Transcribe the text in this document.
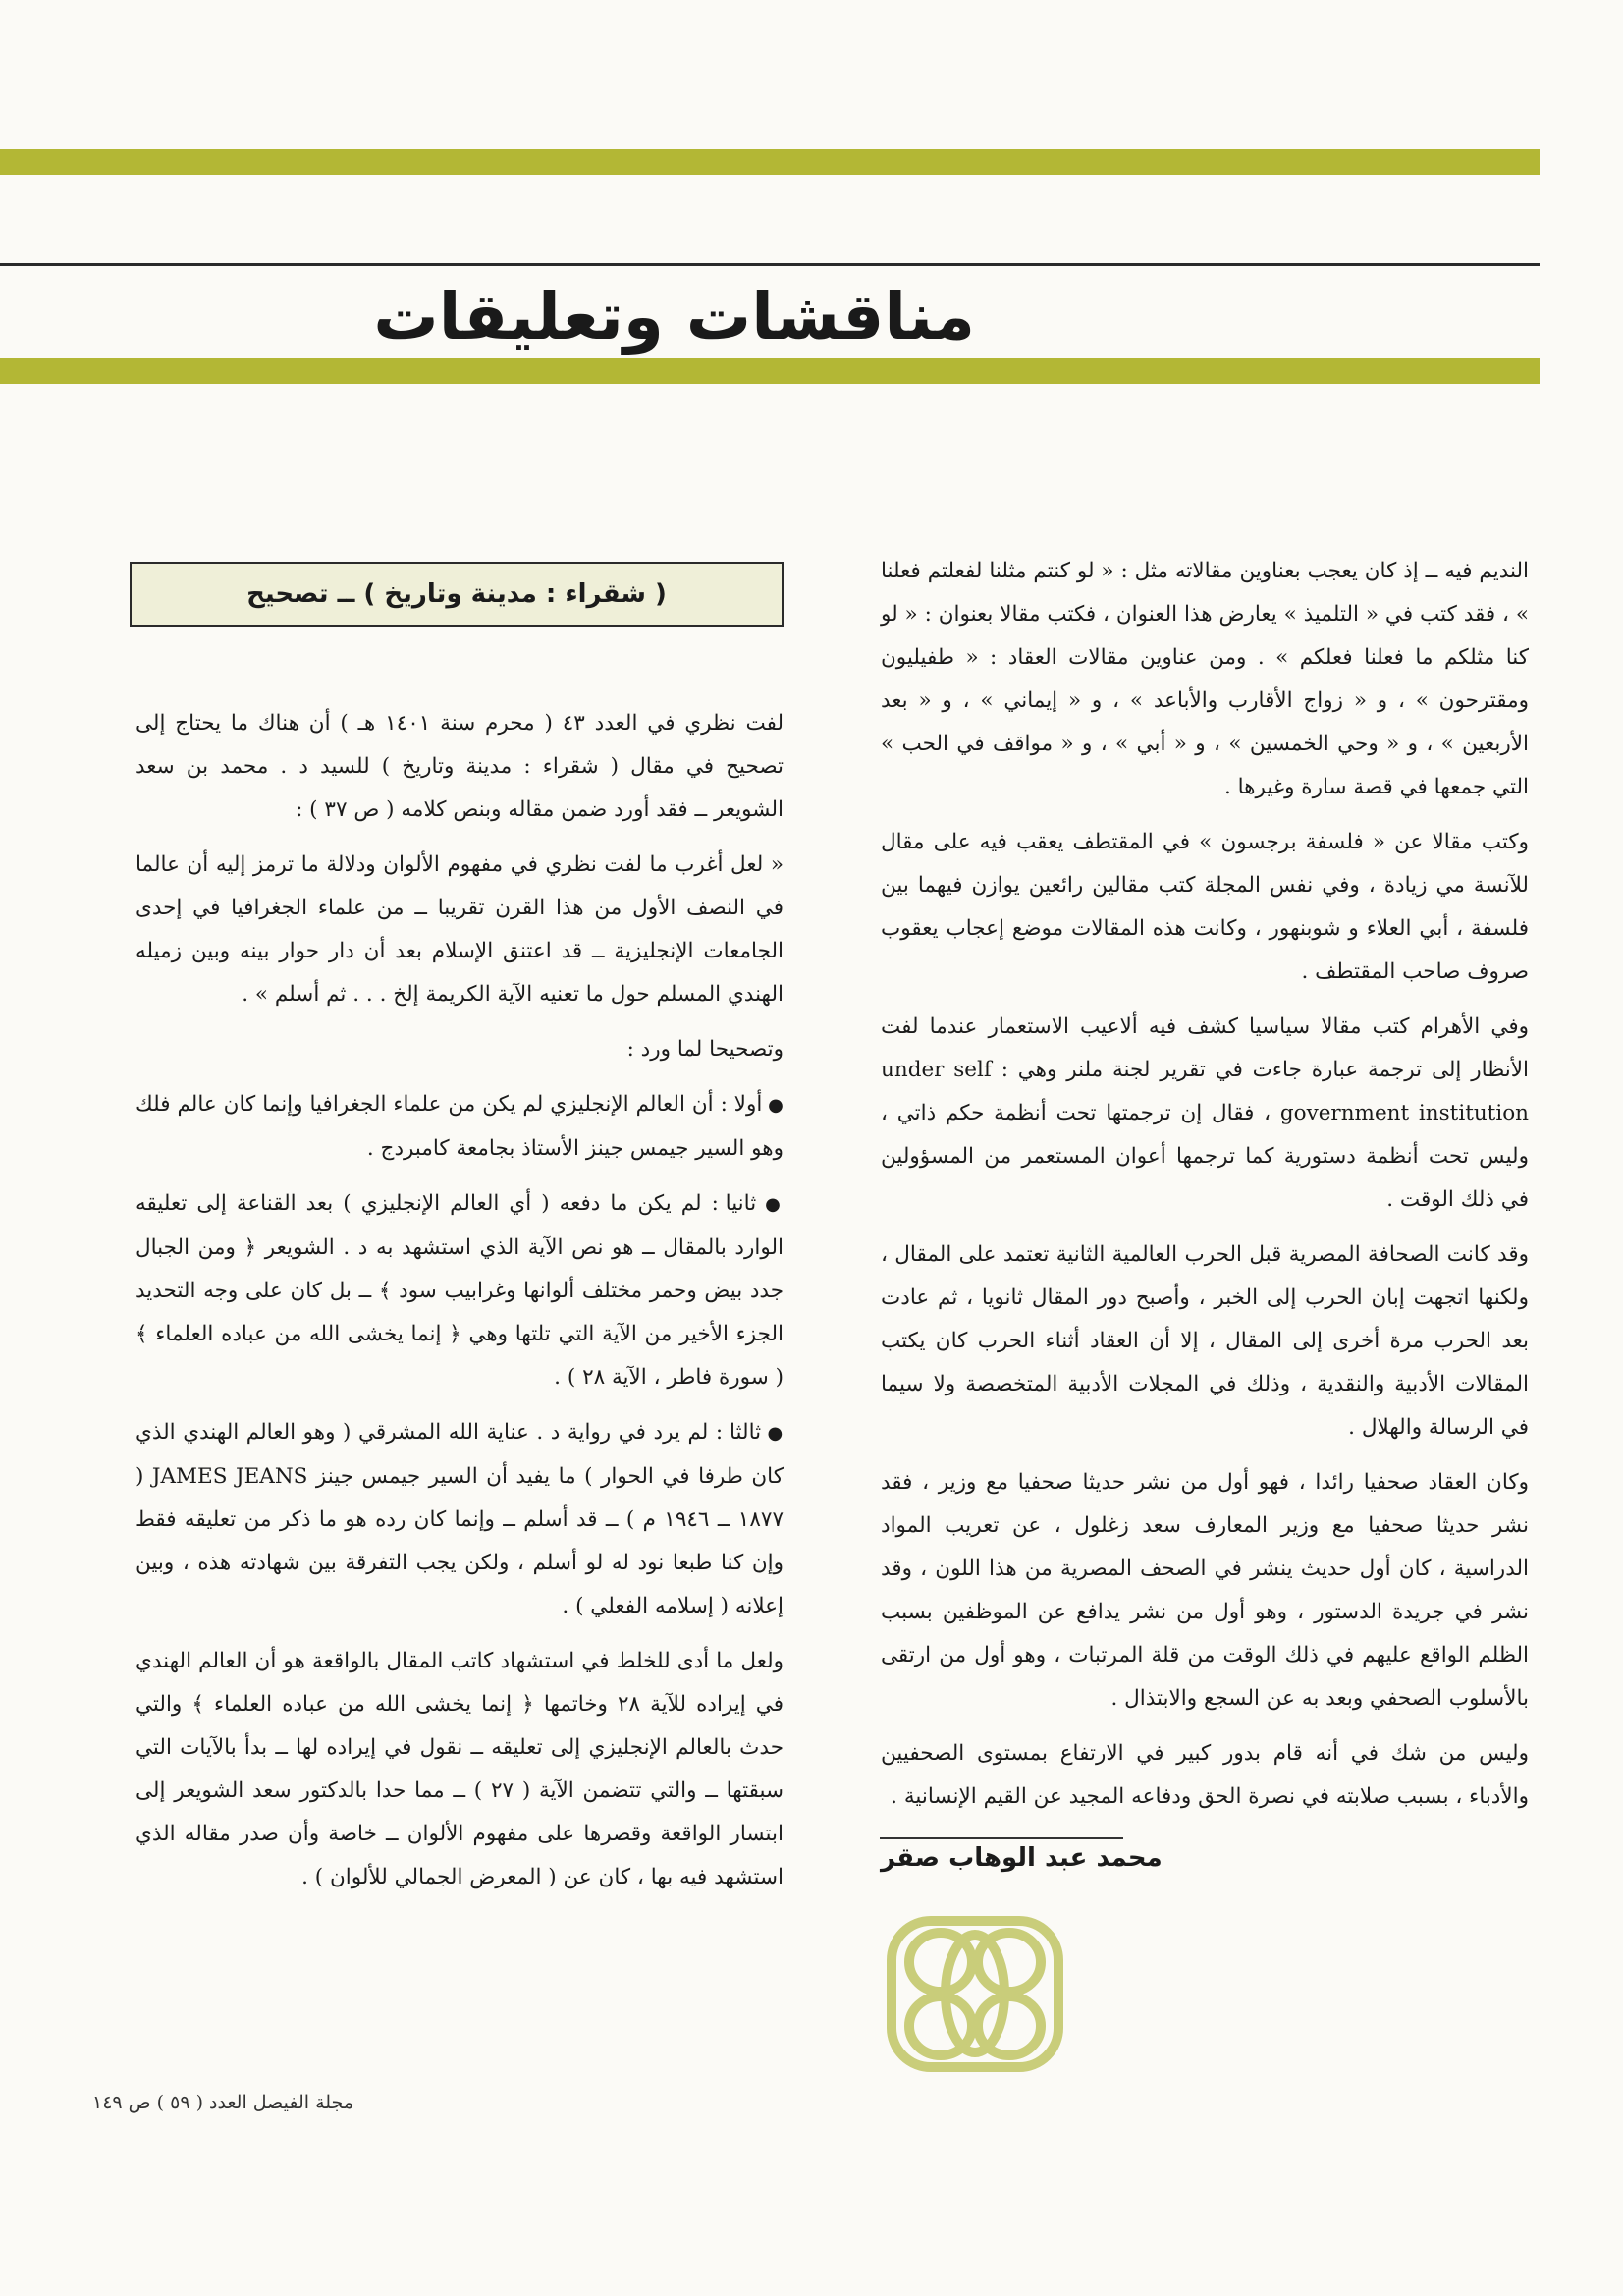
مناقشات وتعليقات

النديم فيه ــ إذ كان يعجب بعناوين مقالاته مثل : « لو كنتم مثلنا لفعلتم فعلنا » ، فقد كتب في « التلميذ » يعارض هذا العنوان ، فكتب مقالا بعنوان : « لو كنا مثلكم ما فعلنا فعلكم » . ومن عناوين مقالات العقاد : « طفيليون ومقترحون » ، و « زواج الأقارب والأباعد » ، و « إيماني » ، و « بعد الأربعين » ، و « وحي الخمسين » ، و « أبي » ، و « مواقف في الحب » التي جمعها في قصة سارة وغيرها .

وكتب مقالا عن « فلسفة برجسون » في المقتطف يعقب فيه على مقال للآنسة مي زيادة ، وفي نفس المجلة كتب مقالين رائعين يوازن فيهما بين فلسفة ، أبي العلاء و شوبنهور ، وكانت هذه المقالات موضع إعجاب يعقوب صروف صاحب المقتطف .

وفي الأهرام كتب مقالا سياسيا كشف فيه ألاعيب الاستعمار عندما لفت الأنظار إلى ترجمة عبارة جاءت في تقرير لجنة ملنر وهي : under self government institution ، فقال إن ترجمتها تحت أنظمة حكم ذاتي ، وليس تحت أنظمة دستورية كما ترجمها أعوان المستعمر من المسؤولين في ذلك الوقت .

وقد كانت الصحافة المصرية قبل الحرب العالمية الثانية تعتمد على المقال ، ولكنها اتجهت إبان الحرب إلى الخبر ، وأصبح دور المقال ثانويا ، ثم عادت بعد الحرب مرة أخرى إلى المقال ، إلا أن العقاد أثناء الحرب كان يكتب المقالات الأدبية والنقدية ، وذلك في المجلات الأدبية المتخصصة ولا سيما في الرسالة والهلال .

وكان العقاد صحفيا رائدا ، فهو أول من نشر حديثا صحفيا مع وزير ، فقد نشر حديثا صحفيا مع وزير المعارف سعد زغلول ، عن تعريب المواد الدراسية ، كان أول حديث ينشر في الصحف المصرية من هذا اللون ، وقد نشر في جريدة الدستور ، وهو أول من نشر يدافع عن الموظفين بسبب الظلم الواقع عليهم في ذلك الوقت من قلة المرتبات ، وهو أول من ارتقى بالأسلوب الصحفي وبعد به عن السجع والابتذال .

وليس من شك في أنه قام بدور كبير في الارتفاع بمستوى الصحفيين والأدباء ، بسبب صلابته في نصرة الحق ودفاعه المجيد عن القيم الإنسانية .

محمد عبد الوهاب صقر
( شقراء : مدينة وتاريخ ) ــ تصحيح

لفت نظري في العدد ٤٣ ( محرم سنة ١٤٠١ هـ ) أن هناك ما يحتاج إلى تصحيح في مقال ( شقراء : مدينة وتاريخ ) للسيد د . محمد بن سعد الشويعر ــ فقد أورد ضمن مقاله وبنص كلامه ( ص ٣٧ ) :

« لعل أغرب ما لفت نظري في مفهوم الألوان ودلالة ما ترمز إليه أن عالما في النصف الأول من هذا القرن تقريبا ــ من علماء الجغرافيا في إحدى الجامعات الإنجليزية ــ قد اعتنق الإسلام بعد أن دار حوار بينه وبين زميله الهندي المسلم حول ما تعنيه الآية الكريمة إلخ . . . ثم أسلم » .

وتصحيحا لما ورد :

● أولا : أن العالم الإنجليزي لم يكن من علماء الجغرافيا وإنما كان عالم فلك وهو السير جيمس جينز الأستاذ بجامعة كامبردج .

● ثانيا : لم يكن ما دفعه ( أي العالم الإنجليزي ) بعد القناعة إلى تعليقه الوارد بالمقال ــ هو نص الآية الذي استشهد به د . الشويعر ﴿ ومن الجبال جدد بيض وحمر مختلف ألوانها وغرابيب سود ﴾ ــ بل كان على وجه التحديد الجزء الأخير من الآية التي تلتها وهي ﴿ إنما يخشى الله من عباده العلماء ﴾ ( سورة فاطر ، الآية ٢٨ ) .

● ثالثا : لم يرد في رواية د . عناية الله المشرقي ( وهو العالم الهندي الذي كان طرفا في الحوار ) ما يفيد أن السير جيمس جينز JAMES JEANS ( ١٨٧٧ ــ ١٩٤٦ م ) ــ قد أسلم ــ وإنما كان رده هو ما ذكر من تعليقه فقط وإن كنا طبعا نود له لو أسلم ، ولكن يجب التفرقة بين شهادته هذه ، وبين إعلانه ( إسلامه الفعلي ) .

ولعل ما أدى للخلط في استشهاد كاتب المقال بالواقعة هو أن العالم الهندي في إيراده للآية ٢٨ وخاتمها ﴿ إنما يخشى الله من عباده العلماء ﴾ والتي حدث بالعالم الإنجليزي إلى تعليقه ــ نقول في إيراده لها ــ بدأ بالآيات التي سبقتها ــ والتي تتضمن الآية ( ٢٧ ) ــ مما حدا بالدكتور سعد الشويعر إلى ابتسار الواقعة وقصرها على مفهوم الألوان ــ خاصة وأن صدر مقاله الذي استشهد فيه بها ، كان عن ( المعرض الجمالي للألوان ) .

مجلة الفيصل العدد ( ٥٩ ) ص ١٤٩
